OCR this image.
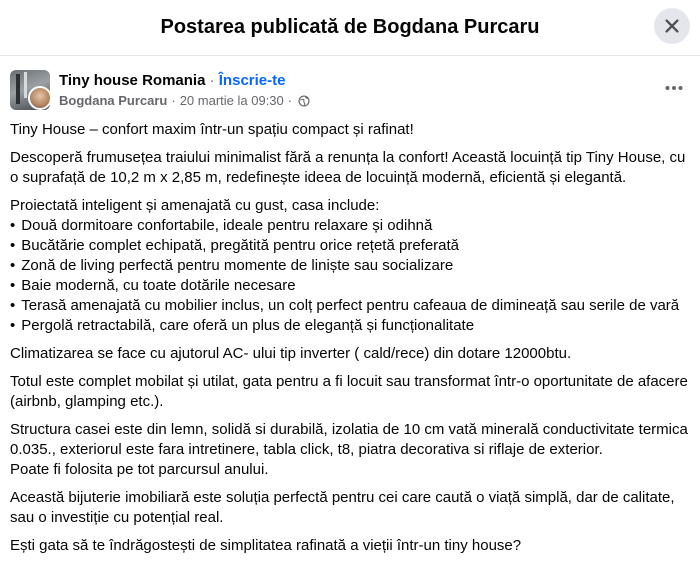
Postarea publicată de Bogdana Purcaru
Tiny house Romania · Înscrie-te
Bogdana Purcaru · 20 martie la 09:30 ·

Tiny House – confort maxim într-un spațiu compact și rafinat!

Descoperă frumusețea traiului minimalist fără a renunța la confort! Această locuință tip Tiny House, cu o suprafață de 10,2 m x 2,85 m, redefinește ideea de locuință modernă, eficientă și elegantă.

Proiectată inteligent și amenajată cu gust, casa include:
• Două dormitoare confortabile, ideale pentru relaxare și odihnă
• Bucătărie complet echipată, pregătită pentru orice rețetă preferată
• Zonă de living perfectă pentru momente de liniște sau socializare
• Baie modernă, cu toate dotările necesare
• Terasă amenajată cu mobilier inclus, un colț perfect pentru cafeaua de dimineață sau serile de vară
• Pergolă retractabilă, care oferă un plus de eleganță și funcționalitate

Climatizarea se face cu ajutorul AC- ului tip inverter ( cald/rece) din dotare 12000btu.

Totul este complet mobilat și utilat, gata pentru a fi locuit sau transformat într-o oportunitate de afacere (airbnb, glamping etc.).

Structura casei este din lemn, solidă si durabilă, izolatia de 10 cm vată minerală conductivitate termica 0.035., exteriorul este fara intretinere, tabla click, t8, piatra decorativa si riflaje de exterior.

Poate fi folosita pe tot parcursul anului.

Această bijuterie imobiliară este soluția perfectă pentru cei care caută o viață simplă, dar de calitate, sau o investiție cu potențial real.

Ești gata să te îndrăgostești de simplitatea rafinată a vieții într-un tiny house?
